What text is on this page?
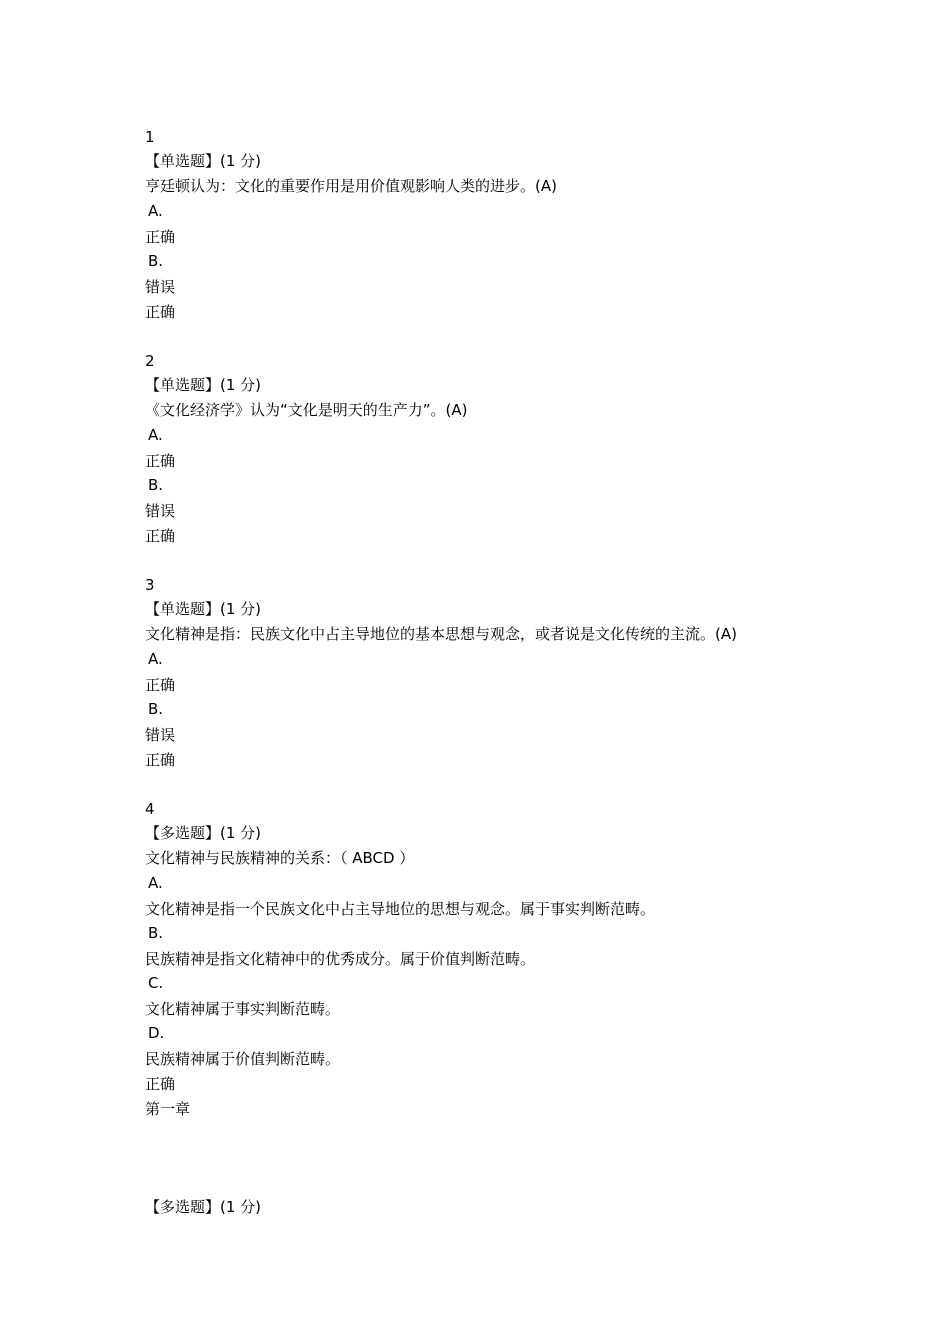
1
【单选题】(1 分)
亨廷顿认为：文化的重要作用是用价值观影响人类的进步。(A)
A.
正确
B.
错误
正确
2
【单选题】(1 分)
《文化经济学》认为“文化是明天的生产力”。(A)
A.
正确
B.
错误
正确
3
【单选题】(1 分)
文化精神是指：民族文化中占主导地位的基本思想与观念，或者说是文化传统的主流。(A)
A.
正确
B.
错误
正确
4
【多选题】(1 分)
文化精神与民族精神的关系：（ ABCD ）
A.
文化精神是指一个民族文化中占主导地位的思想与观念。属于事实判断范畴。
B.
民族精神是指文化精神中的优秀成分。属于价值判断范畴。
C.
文化精神属于事实判断范畴。
D.
民族精神属于价值判断范畴。
正确
第一章
【多选题】(1 分)
